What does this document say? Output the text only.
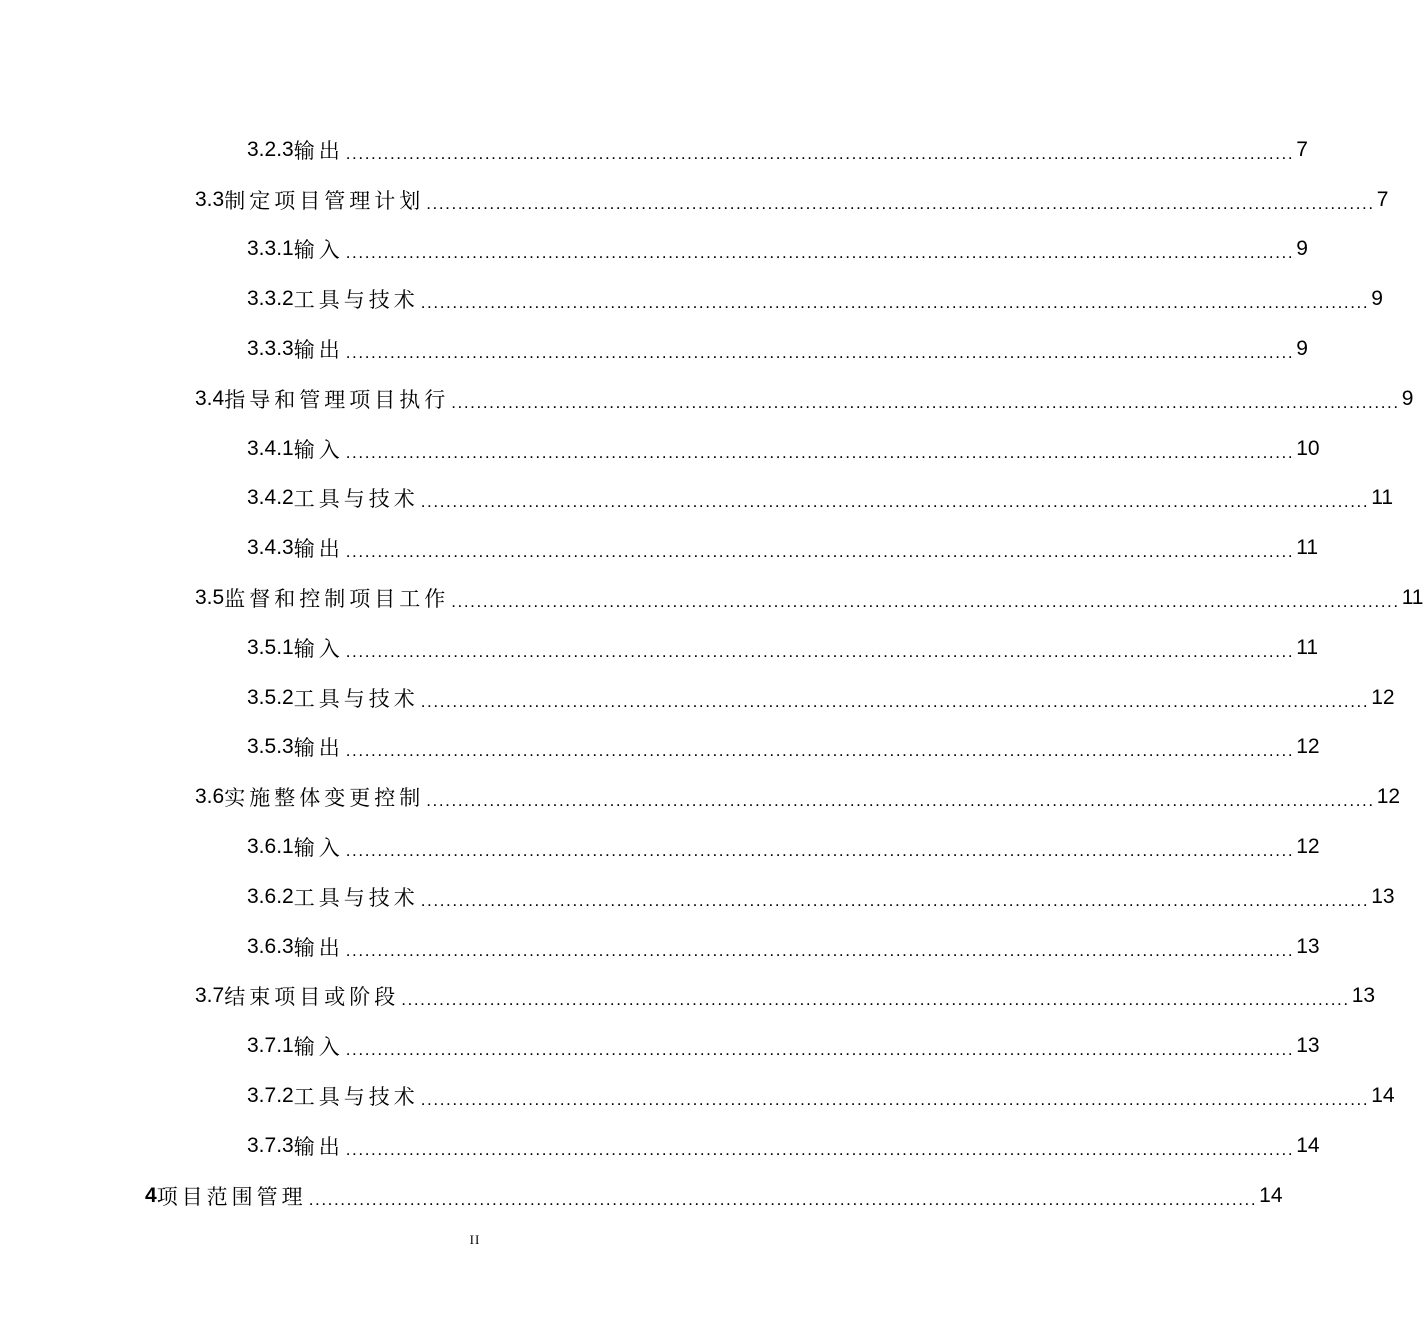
3.2.3 输出 ...................................................................................................................................................... 7
3.3 制定项目管理计划 ...................................................................................................................................................... 7
3.3.1 输入 ...................................................................................................................................................... 9
3.3.2 工具与技术 ...................................................................................................................................................... 9
3.3.3 输出 ...................................................................................................................................................... 9
3.4 指导和管理项目执行 ...................................................................................................................................................... 9
3.4.1 输入 ...................................................................................................................................................... 10
3.4.2 工具与技术 ...................................................................................................................................................... 11
3.4.3 输出 ...................................................................................................................................................... 11
3.5 监督和控制项目工作 ...................................................................................................................................................... 11
3.5.1 输入 ...................................................................................................................................................... 11
3.5.2 工具与技术 ...................................................................................................................................................... 12
3.5.3 输出 ...................................................................................................................................................... 12
3.6 实施整体变更控制 ...................................................................................................................................................... 12
3.6.1 输入 ...................................................................................................................................................... 12
3.6.2 工具与技术 ...................................................................................................................................................... 13
3.6.3 输出 ...................................................................................................................................................... 13
3.7 结束项目或阶段 ...................................................................................................................................................... 13
3.7.1 输入 ...................................................................................................................................................... 13
3.7.2 工具与技术 ...................................................................................................................................................... 14
3.7.3 输出 ...................................................................................................................................................... 14
4 项目范围管理 ...................................................................................................................................................... 14
II
